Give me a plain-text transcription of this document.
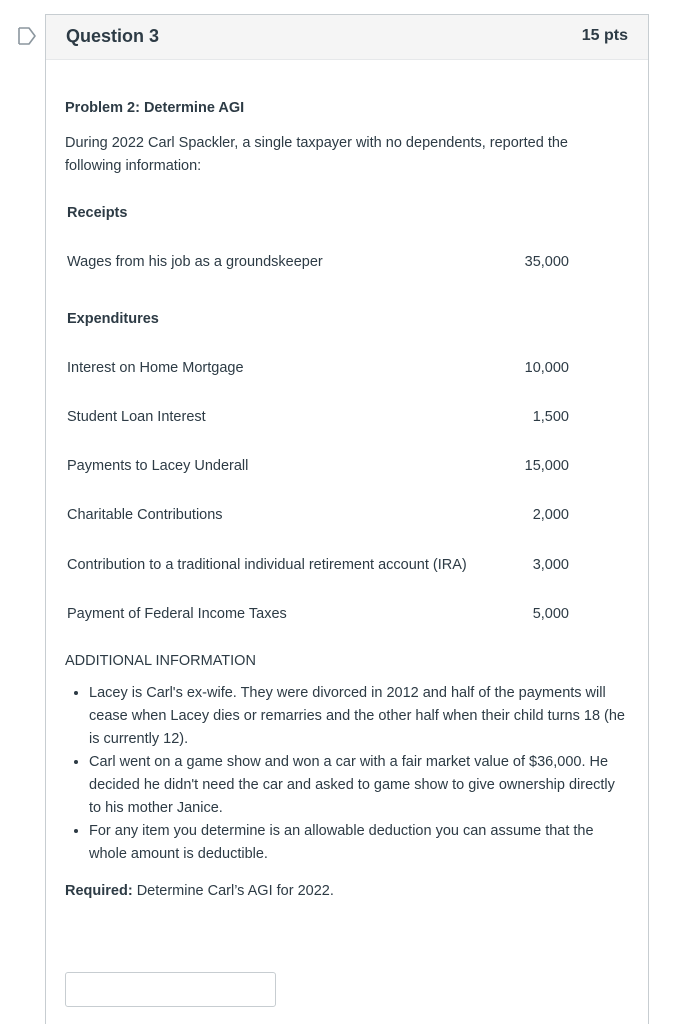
Question 3	15 pts
Problem 2: Determine AGI
During 2022 Carl Spackler, a single taxpayer with no dependents, reported the following information:
Receipts
Wages from his job as a groundskeeper	35,000
Expenditures
Interest on Home Mortgage	10,000
Student Loan Interest	1,500
Payments to Lacey Underall	15,000
Charitable Contributions	2,000
Contribution to a traditional individual retirement account (IRA)	3,000
Payment of Federal Income Taxes	5,000
ADDITIONAL INFORMATION
• Lacey is Carl's ex-wife. They were divorced in 2012 and half of the payments will cease when Lacey dies or remarries and the other half when their child turns 18 (he is currently 12).
• Carl went on a game show and won a car with a fair market value of $36,000. He decided he didn't need the car and asked to game show to give ownership directly to his mother Janice.
• For any item you determine is an allowable deduction you can assume that the whole amount is deductible.
Required: Determine Carl’s AGI for 2022.
